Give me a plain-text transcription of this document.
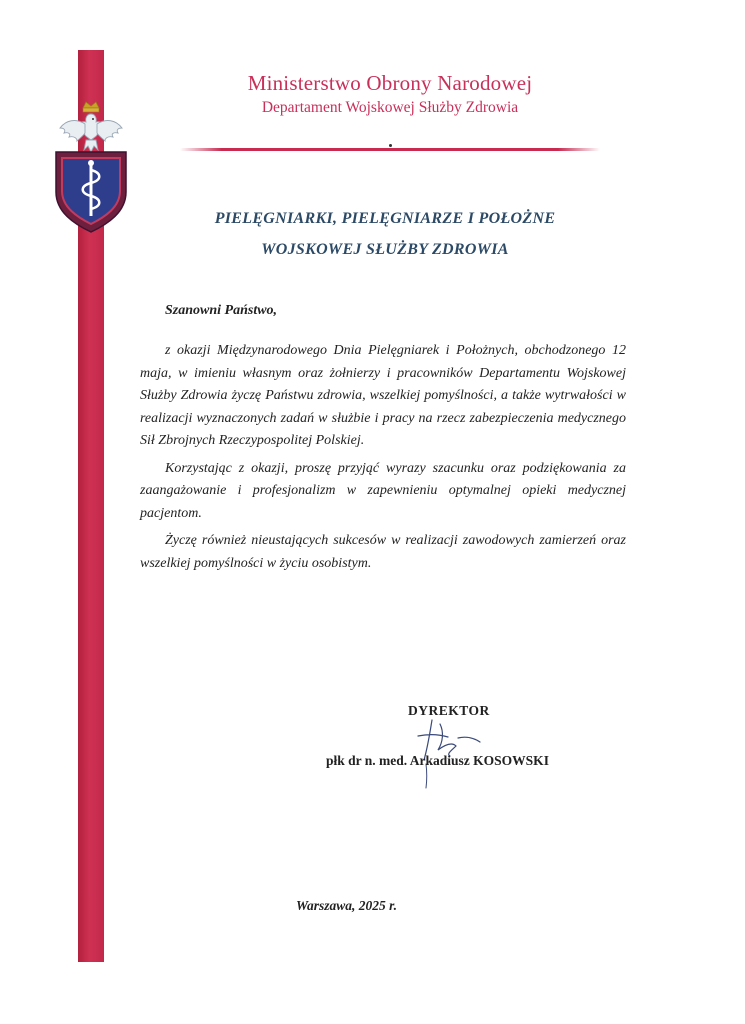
Ministerstwo Obrony Narodowej
Departament Wojskowej Służby Zdrowia
PIELĘGNIARKI, PIELĘGNIARZE I POŁOŻNE
WOJSKOWEJ SŁUŻBY ZDROWIA
Szanowni Państwo,

z okazji Międzynarodowego Dnia Pielęgniarek i Położnych, obchodzonego 12 maja, w imieniu własnym oraz żołnierzy i pracowników Departamentu Wojskowej Służby Zdrowia życzę Państwu zdrowia, wszelkiej pomyślności, a także wytrwałości w realizacji wyznaczonych zadań w służbie i pracy na rzecz zabezpieczenia medycznego Sił Zbrojnych Rzeczypospolitej Polskiej.

Korzystając z okazji, proszę przyjąć wyrazy szacunku oraz podziękowania za zaangażowanie i profesjonalizm w zapewnieniu optymalnej opieki medycznej pacjentom.

Życzę również nieustających sukcesów w realizacji zawodowych zamierzeń oraz wszelkiej pomyślności w życiu osobistym.

DYREKTOR
płk dr n. med. Arkadiusz KOSOWSKI
Warszawa, 2025 r.
